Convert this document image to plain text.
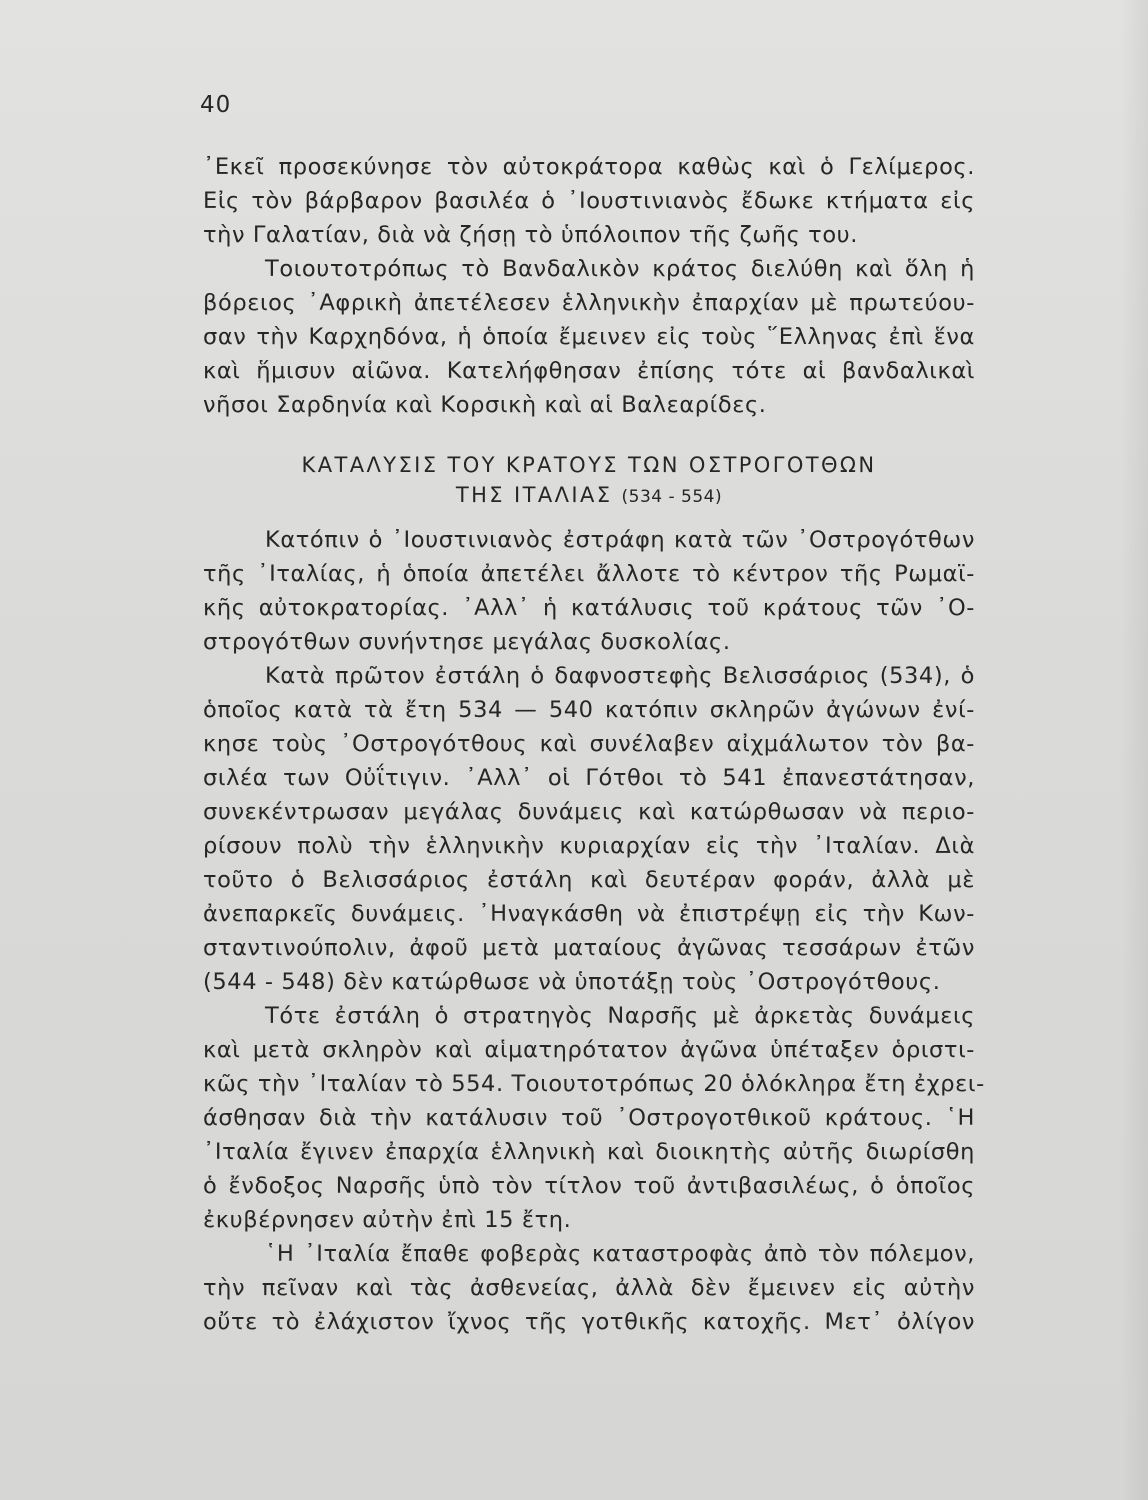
40
᾿Εκεῖ προσεκύνησε τὸν αὐτοκράτορα καθὼς καὶ ὁ Γελίμερος.
Εἰς τὸν βάρβαρον βασιλέα ὁ ᾿Ιουστινιανὸς ἔδωκε κτήματα εἰς
τὴν Γαλατίαν, διὰ νὰ ζήσῃ τὸ ὑπόλοιπον τῆς ζωῆς του.
Τοιουτοτρόπως τὸ Βανδαλικὸν κράτος διελύθη καὶ ὅλη ἡ
βόρειος ᾿Αφρικὴ ἀπετέλεσεν ἑλληνικὴν ἐπαρχίαν μὲ πρωτεύου-
σαν τὴν Καρχηδόνα, ἡ ὁποία ἔμεινεν εἰς τοὺς ῞Ελληνας ἐπὶ ἕνα
καὶ ἥμισυν αἰῶνα. Κατελήφθησαν ἐπίσης τότε αἱ βανδαλικαὶ
νῆσοι Σαρδηνία καὶ Κορσικὴ καὶ αἱ Βαλεαρίδες.
ΚΑΤΑΛΥΣΙΣ ΤΟΥ ΚΡΑΤΟΥΣ ΤΩΝ ΟΣΤΡΟΓΟΤΘΩΝ
ΤΗΣ ΙΤΑΛΙΑΣ (534 - 554)
Κατόπιν ὁ ᾿Ιουστινιανὸς ἐστράφη κατὰ τῶν ᾿Οστρογότθων
τῆς ᾿Ιταλίας, ἡ ὁποία ἀπετέλει ἄλλοτε τὸ κέντρον τῆς Ρωμαϊ-
κῆς αὐτοκρατορίας. ᾿Αλλ᾿ ἡ κατάλυσις τοῦ κράτους τῶν ᾿Ο-
στρογότθων συνήντησε μεγάλας δυσκολίας.
Κατὰ πρῶτον ἐστάλη ὁ δαφνοστεφὴς Βελισσάριος (534), ὁ
ὁποῖος κατὰ τὰ ἔτη 534 — 540 κατόπιν σκληρῶν ἀγώνων ἐνί-
κησε τοὺς ᾿Οστρογότθους καὶ συνέλαβεν αἰχμάλωτον τὸν βα-
σιλέα των Οὐΐτιγιν. ᾿Αλλ᾿ οἱ Γότθοι τὸ 541 ἐπανεστάτησαν,
συνεκέντρωσαν μεγάλας δυνάμεις καὶ κατώρθωσαν νὰ περιο-
ρίσουν πολὺ τὴν ἑλληνικὴν κυριαρχίαν εἰς τὴν ᾿Ιταλίαν. Διὰ
τοῦτο ὁ Βελισσάριος ἐστάλη καὶ δευτέραν φοράν, ἀλλὰ μὲ
ἀνεπαρκεῖς δυνάμεις. ᾿Ηναγκάσθη νὰ ἐπιστρέψῃ εἰς τὴν Κων-
σταντινούπολιν, ἀφοῦ μετὰ ματαίους ἀγῶνας τεσσάρων ἐτῶν
(544 - 548) δὲν κατώρθωσε νὰ ὑποτάξῃ τοὺς ᾿Οστρογότθους.
Τότε ἐστάλη ὁ στρατηγὸς Ναρσῆς μὲ ἀρκετὰς δυνάμεις
καὶ μετὰ σκληρὸν καὶ αἱματηρότατον ἀγῶνα ὑπέταξεν ὁριστι-
κῶς τὴν ᾿Ιταλίαν τὸ 554. Τοιουτοτρόπως 20 ὁλόκληρα ἔτη ἐχρει-
άσθησαν διὰ τὴν κατάλυσιν τοῦ ᾿Οστρογοτθικοῦ κράτους. ῾Η
᾿Ιταλία ἔγινεν ἐπαρχία ἑλληνικὴ καὶ διοικητὴς αὐτῆς διωρίσθη
ὁ ἔνδοξος Ναρσῆς ὑπὸ τὸν τίτλον τοῦ ἀντιβασιλέως, ὁ ὁποῖος
ἐκυβέρνησεν αὐτὴν ἐπὶ 15 ἔτη.
῾Η ᾿Ιταλία ἔπαθε φοβερὰς καταστροφὰς ἀπὸ τὸν πόλεμον,
τὴν πεῖναν καὶ τὰς ἀσθενείας, ἀλλὰ δὲν ἔμεινεν εἰς αὐτὴν
οὔτε τὸ ἐλάχιστον ἴχνος τῆς γοτθικῆς κατοχῆς. Μετ᾿ ὀλίγον
